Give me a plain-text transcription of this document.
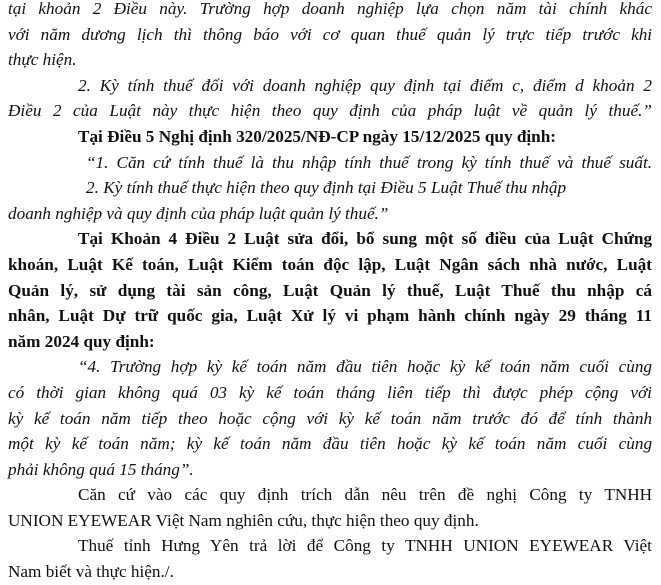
tại khoản 2 Điều này. Trường hợp doanh nghiệp lựa chọn năm tài chính khác
với năm dương lịch thì thông báo với cơ quan thuế quản lý trực tiếp trước khi
thực hiện.
2. Kỳ tính thuế đối với doanh nghiệp quy định tại điểm c, điểm d khoản 2
Điều 2 của Luật này thực hiện theo quy định của pháp luật về quản lý thuế.”
Tại Điều 5 Nghị định 320/2025/NĐ-CP ngày 15/12/2025 quy định:
“1. Căn cứ tính thuế là thu nhập tính thuế trong kỳ tính thuế và thuế suất.
2. Kỳ tính thuế thực hiện theo quy định tại Điều 5 Luật Thuế thu nhập
doanh nghiệp và quy định của pháp luật quản lý thuế.”
Tại Khoản 4 Điều 2 Luật sửa đổi, bổ sung một số điều của Luật Chứng
khoán, Luật Kế toán, Luật Kiểm toán độc lập, Luật Ngân sách nhà nước, Luật
Quản lý, sử dụng tài sản công, Luật Quản lý thuế, Luật Thuế thu nhập cá
nhân, Luật Dự trữ quốc gia, Luật Xử lý vi phạm hành chính ngày 29 tháng 11
năm 2024 quy định:
“4. Trường hợp kỳ kế toán năm đầu tiên hoặc kỳ kế toán năm cuối cùng
có thời gian không quá 03 kỳ kế toán tháng liên tiếp thì được phép cộng với
kỳ kế toán năm tiếp theo hoặc cộng với kỳ kế toán năm trước đó để tính thành
một kỳ kế toán năm; kỳ kế toán năm đầu tiên hoặc kỳ kế toán năm cuối cùng
phải không quá 15 tháng”.
Căn cứ vào các quy định trích dẫn nêu trên đề nghị Công ty TNHH
UNION EYEWEAR Việt Nam nghiên cứu, thực hiện theo quy định.
Thuế tỉnh Hưng Yên trả lời để Công ty TNHH UNION EYEWEAR Việt
Nam biết và thực hiện./.
